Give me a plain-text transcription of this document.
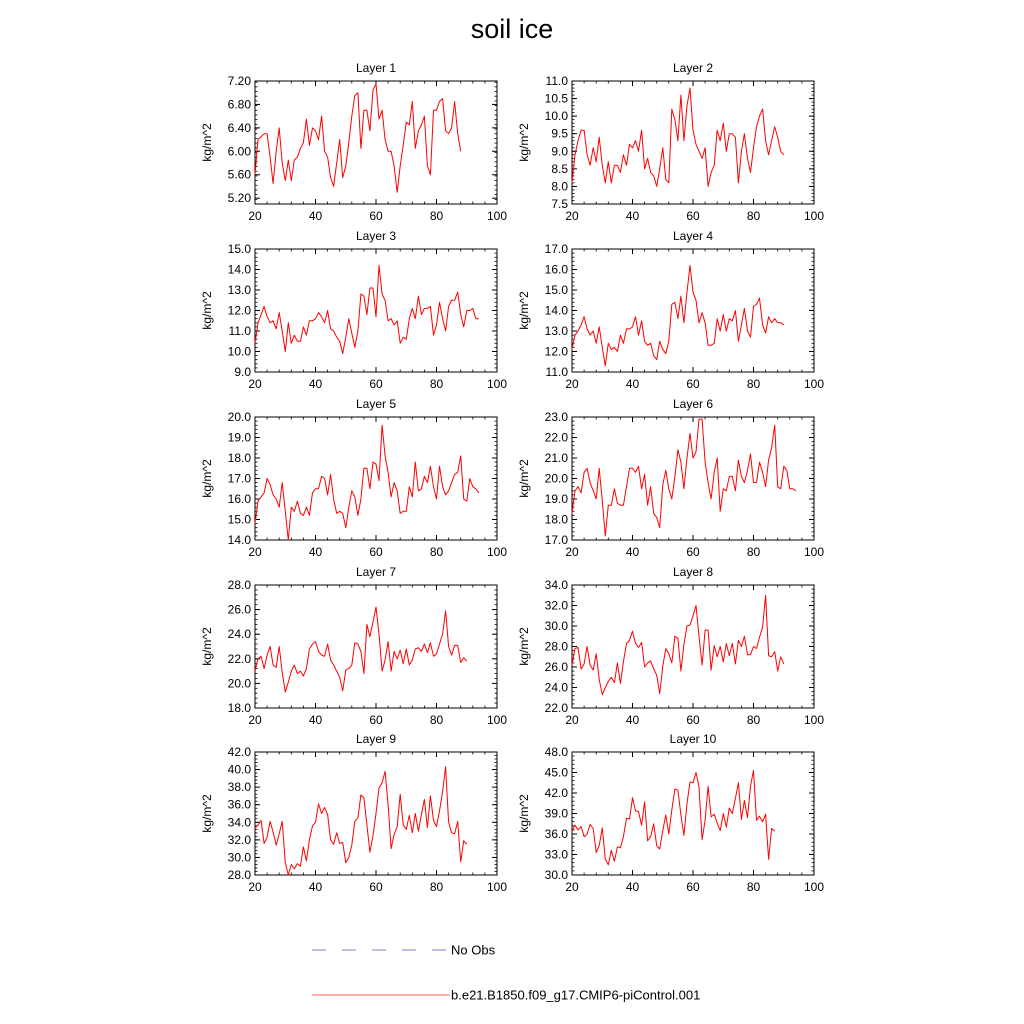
soil ice
Layer 1
kg/m^2
5.20
5.60
6.00
6.40
6.80
7.20
20	40	60	80	100
Layer 2
kg/m^2
7.5
8.0
8.5
9.0
9.5
10.0
10.5
11.0
20	40	60	80	100
Layer 3
kg/m^2
9.0
10.0
11.0
12.0
13.0
14.0
15.0
20	40	60	80	100
Layer 4
kg/m^2
11.0
12.0
13.0
14.0
15.0
16.0
17.0
20	40	60	80	100
Layer 5
kg/m^2
14.0
15.0
16.0
17.0
18.0
19.0
20.0
20	40	60	80	100
Layer 6
kg/m^2
17.0
18.0
19.0
20.0
21.0
22.0
23.0
20	40	60	80	100
Layer 7
kg/m^2
18.0
20.0
22.0
24.0
26.0
28.0
20	40	60	80	100
Layer 8
kg/m^2
22.0
24.0
26.0
28.0
30.0
32.0
34.0
20	40	60	80	100
Layer 9
kg/m^2
28.0
30.0
32.0
34.0
36.0
38.0
40.0
42.0
20	40	60	80	100
Layer 10
kg/m^2
30.0
33.0
36.0
39.0
42.0
45.0
48.0
20	40	60	80	100
No Obs
b.e21.B1850.f09_g17.CMIP6-piControl.001
